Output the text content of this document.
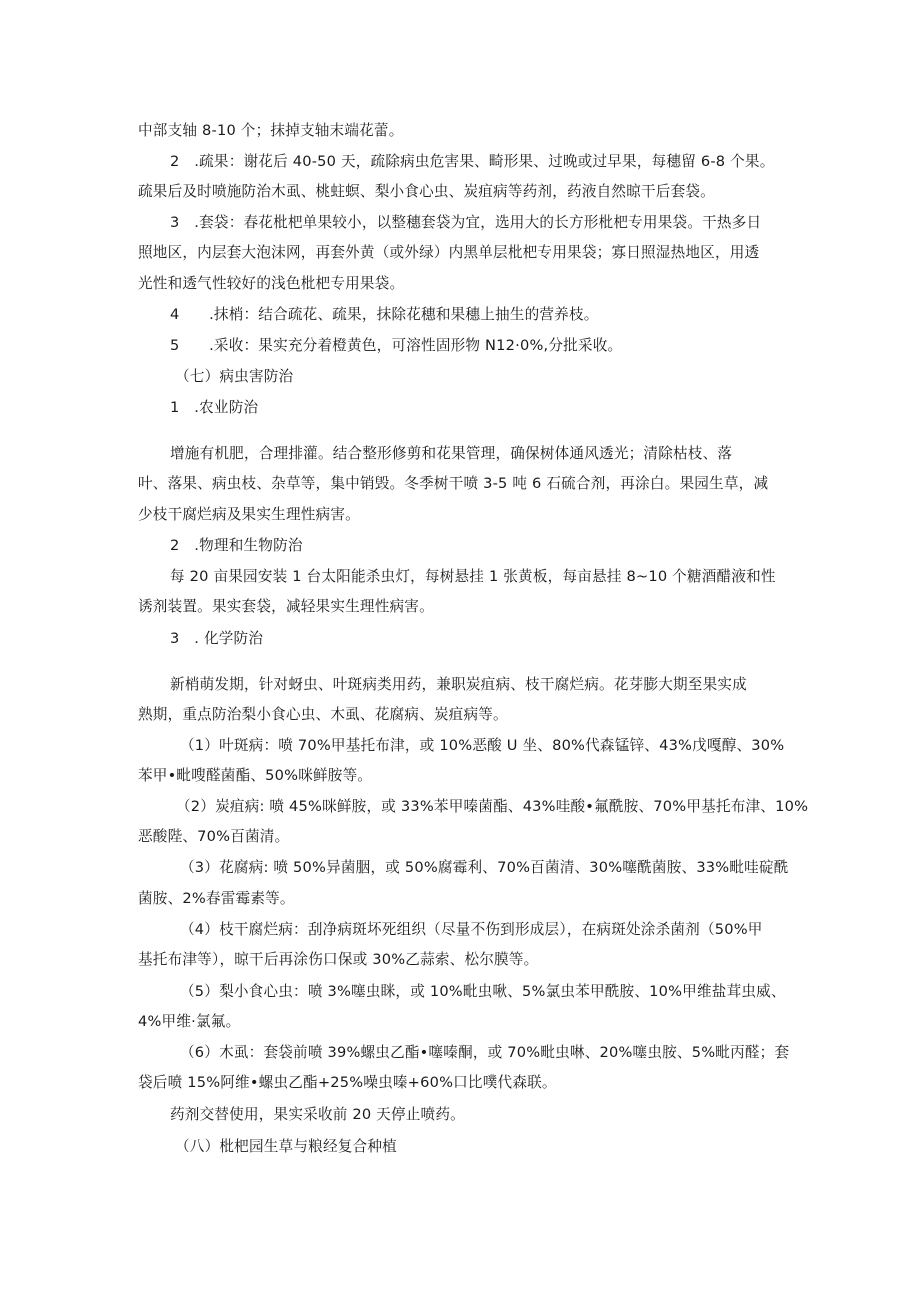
中部支轴 8-10 个；抹掉支轴末端花蕾。

2　.疏果：谢花后 40-50 天，疏除病虫危害果、畸形果、过晚或过早果，每穗留 6-8 个果。

疏果后及时喷施防治木虱、桃蛀螟、梨小食心虫、炭疽病等药剂，药液自然晾干后套袋。

3　.套袋：春花枇杷单果较小，以整穗套袋为宜，选用大的长方形枇杷专用果袋。干热多日

照地区，内层套大泡沫网，再套外黄（或外绿）内黑单层枇杷专用果袋；寡日照湿热地区，用透

光性和透气性较好的浅色枇杷专用果袋。

4　　.抹梢：结合疏花、疏果，抹除花穗和果穗上抽生的营养枝。

5　　.采收：果实充分着橙黄色，可溶性固形物 N12·0%,分批采收。

（七）病虫害防治

1　.农业防治

增施有机肥，合理排灌。结合整形修剪和花果管理，确保树体通风透光；清除枯枝、落

叶、落果、病虫枝、杂草等，集中销毁。冬季树干喷 3-5 吨 6 石硫合剂，再涂白。果园生草，减

少枝干腐烂病及果实生理性病害。

2　.物理和生物防治

每 20 亩果园安装 1 台太阳能杀虫灯，每树悬挂 1 张黄板，每亩悬挂 8~10 个糖酒醋液和性

诱剂装置。果实套袋，减轻果实生理性病害。

3　. 化学防治

新梢萌发期，针对蚜虫、叶斑病类用药，兼职炭疽病、枝干腐烂病。花芽膨大期至果实成

熟期，重点防治梨小食心虫、木虱、花腐病、炭疽病等。

（1）叶斑病：喷 70%甲基托布津，或 10%恶酸 U 坐、80%代森锰锌、43%戊嘎醇、30%

苯甲•毗嗖醛菌酯、50%咪鲜胺等。

（2）炭疽病: 喷 45%咪鲜胺，或 33%苯甲嗪菌酯、43%哇酸•氟酰胺、70%甲基托布津、10%

恶酸陛、70%百菌清。

（3）花腐病: 喷 50%异菌胭，或 50%腐霉利、70%百菌清、30%噻酰菌胺、33%毗哇碇酰

菌胺、2%春雷霉素等。

（4）枝干腐烂病：刮净病斑坏死组织（尽量不伤到形成层），在病斑处涂杀菌剂（50%甲

基托布津等），晾干后再涂伤口保或 30%乙蒜索、松尔膜等。

（5）梨小食心虫：喷 3%噻虫眯，或 10%毗虫啾、5%氯虫苯甲酰胺、10%甲维盐茸虫威、

4%甲维·氯氟。

（6）木虱：套袋前喷 39%螺虫乙酯•噻嗪酮，或 70%毗虫啉、20%噻虫胺、5%毗丙醛；套

袋后喷 15%阿维•螺虫乙酯+25%噪虫嗪+60%口比噗代森联。

药剂交替使用，果实采收前 20 天停止喷药。

（八）枇杷园生草与粮经复合种植
